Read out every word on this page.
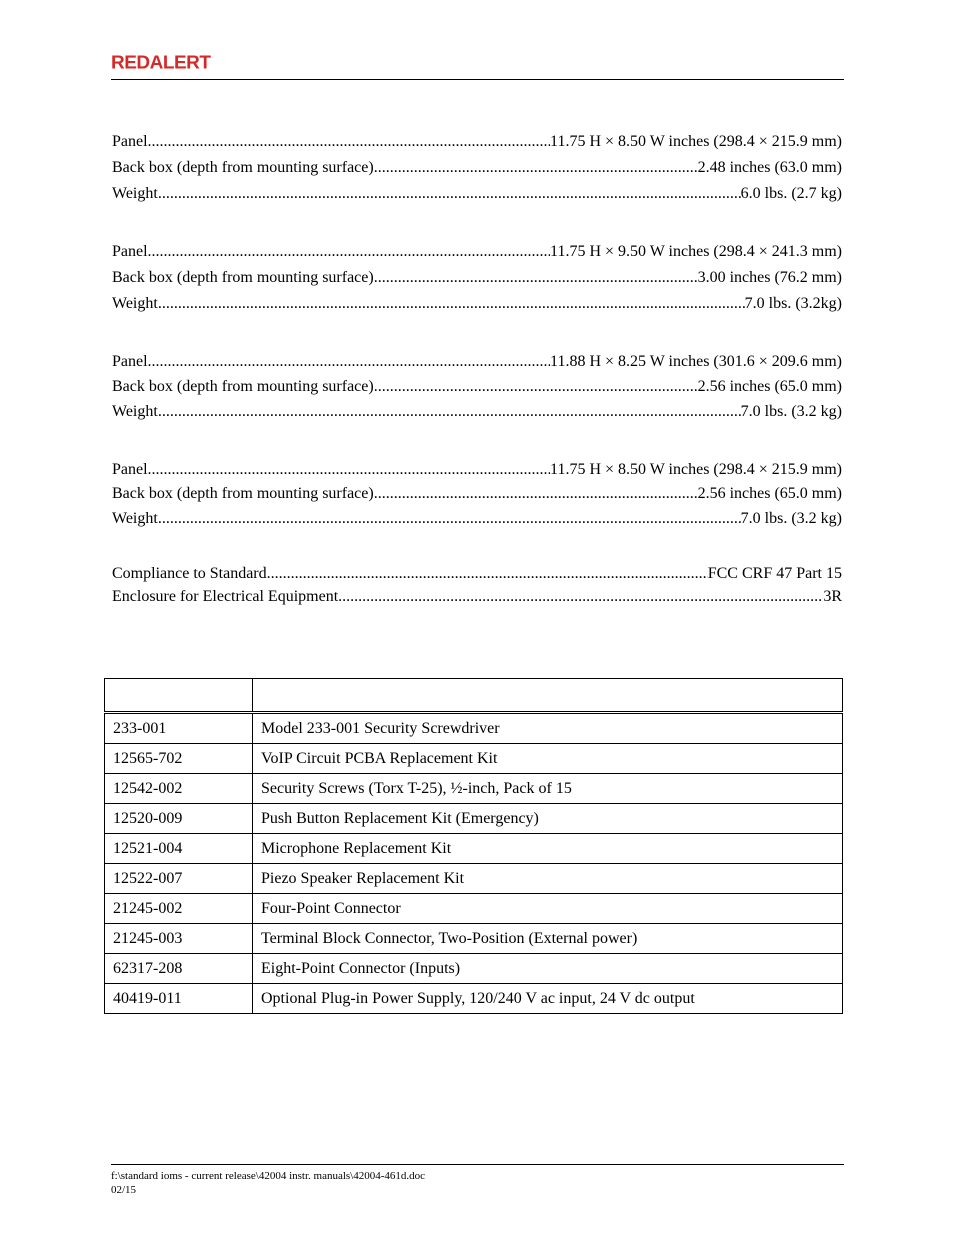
REDALERT
Panel .....	11.75 H × 8.50 W inches (298.4 × 215.9 mm)
Back box (depth from mounting surface) .....	2.48 inches (63.0 mm)
Weight .....	6.0 lbs. (2.7 kg)
Panel .....	11.75 H × 9.50 W inches (298.4 × 241.3 mm)
Back box (depth from mounting surface) .....	3.00 inches (76.2 mm)
Weight .....	7.0 lbs. (3.2kg)
Panel .....	11.88 H × 8.25 W inches (301.6 × 209.6 mm)
Back box (depth from mounting surface) .....	2.56 inches (65.0 mm)
Weight .....	7.0 lbs. (3.2 kg)
Panel .....	11.75 H × 8.50 W inches (298.4 × 215.9 mm)
Back box (depth from mounting surface) .....	2.56 inches (65.0 mm)
Weight .....	7.0 lbs. (3.2 kg)
Compliance to Standard .....	FCC CRF 47 Part 15
Enclosure for Electrical Equipment .....	3R

233-001	Model 233-001 Security Screwdriver
12565-702	VoIP Circuit PCBA Replacement Kit
12542-002	Security Screws (Torx T-25), ½-inch, Pack of 15
12520-009	Push Button Replacement Kit (Emergency)
12521-004	Microphone Replacement Kit
12522-007	Piezo Speaker Replacement Kit
21245-002	Four-Point Connector
21245-003	Terminal Block Connector, Two-Position (External power)
62317-208	Eight-Point Connector (Inputs)
40419-011	Optional Plug-in Power Supply, 120/240 V ac input, 24 V dc output
f:\standard ioms - current release\42004 instr. manuals\42004-461d.doc
02/15
